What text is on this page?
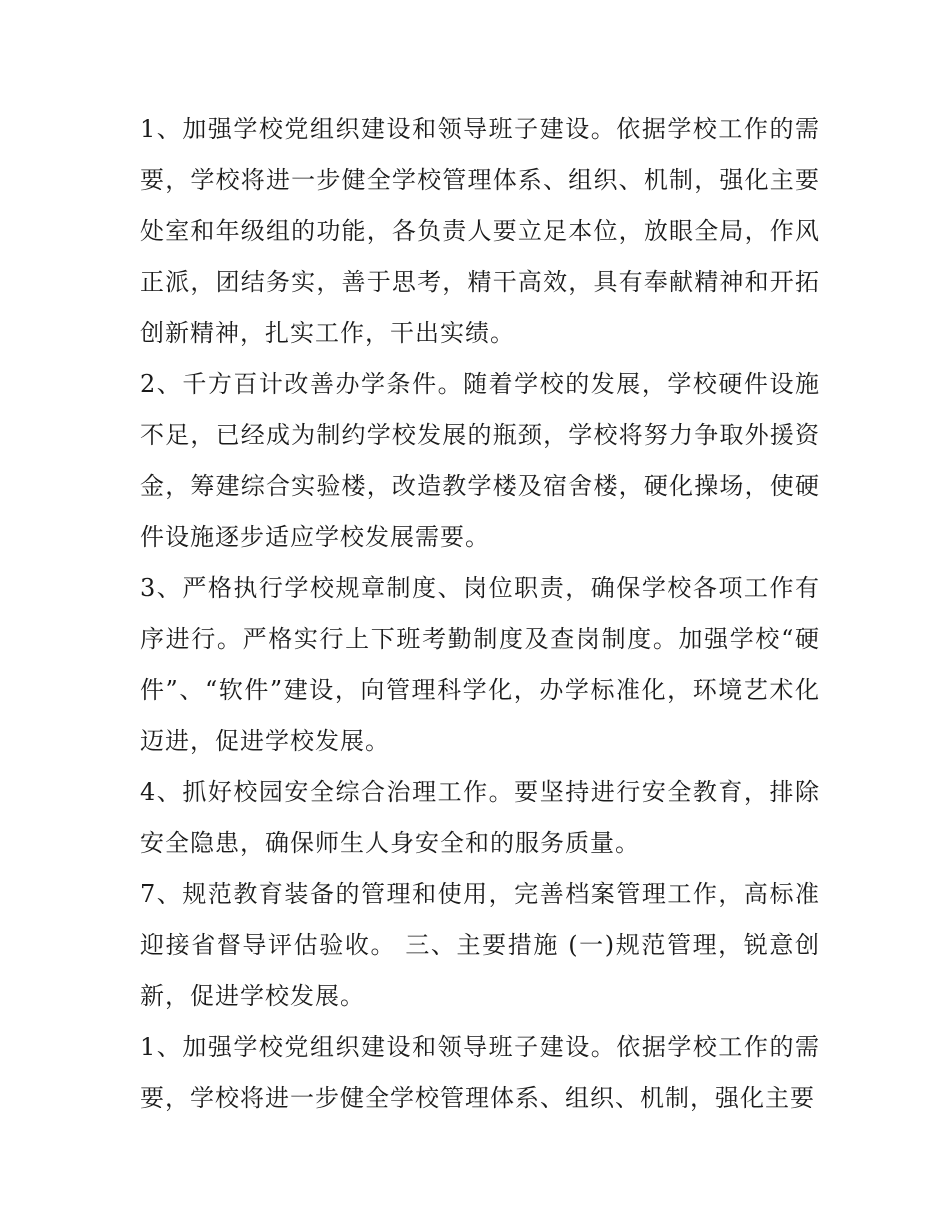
1、加强学校党组织建设和领导班子建设。依据学校工作的需要，学校将进一步健全学校管理体系、组织、机制，强化主要处室和年级组的功能，各负责人要立足本位，放眼全局，作风正派，团结务实，善于思考，精干高效，具有奉献精神和开拓创新精神，扎实工作，干出实绩。

2、千方百计改善办学条件。随着学校的发展，学校硬件设施不足，已经成为制约学校发展的瓶颈，学校将努力争取外援资金，筹建综合实验楼，改造教学楼及宿舍楼，硬化操场，使硬件设施逐步适应学校发展需要。

3、严格执行学校规章制度、岗位职责，确保学校各项工作有序进行。严格实行上下班考勤制度及查岗制度。加强学校“硬件”、“软件”建设，向管理科学化，办学标准化，环境艺术化迈进，促进学校发展。

4、抓好校园安全综合治理工作。要坚持进行安全教育，排除安全隐患，确保师生人身安全和的服务质量。

7、规范教育装备的管理和使用，完善档案管理工作，高标准迎接省督导评估验收。 三、主要措施 (一)规范管理，锐意创新，促进学校发展。

1、加强学校党组织建设和领导班子建设。依据学校工作的需要，学校将进一步健全学校管理体系、组织、机制，强化主要
